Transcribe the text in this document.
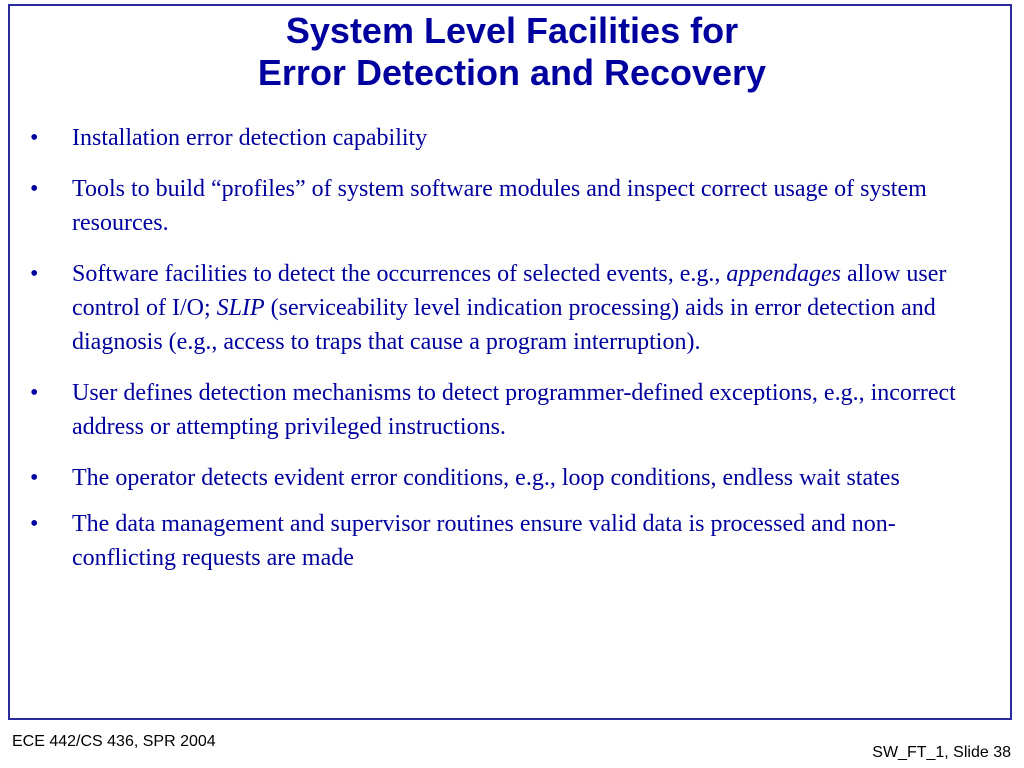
System Level Facilities for
Error Detection and Recovery
•	Installation error detection capability
•	Tools to build “profiles” of system software modules and inspect correct usage of system resources.
•	Software facilities to detect the occurrences of selected events, e.g., appendages allow user control of I/O; SLIP (serviceability level indication processing) aids in error detection and diagnosis (e.g., access to traps that cause a program interruption).
•	User defines detection mechanisms to detect programmer-defined exceptions, e.g., incorrect address or attempting privileged instructions.
•	The operator detects evident error conditions, e.g., loop conditions, endless wait states
•	The data management and supervisor routines ensure valid data is processed and non-conflicting requests are made
ECE 442/CS 436, SPR 2004
SW_FT_1, Slide 38
